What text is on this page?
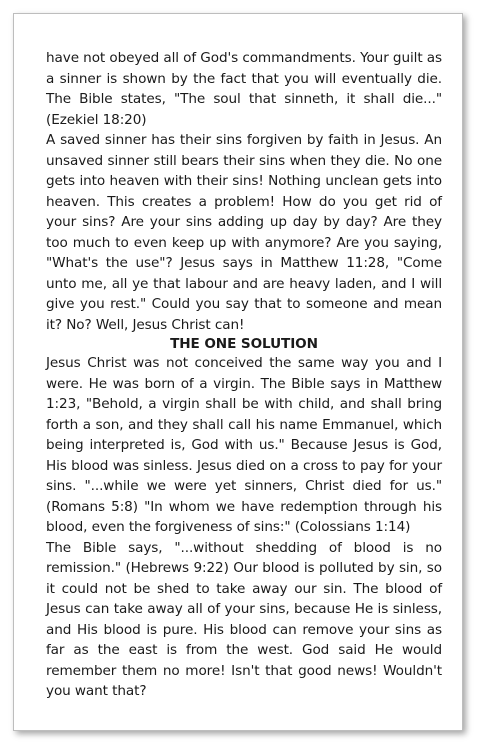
have not obeyed all of God's commandments. Your guilt as a sinner is shown by the fact that you will eventually die. The Bible states, "The soul that sinneth, it shall die..." (Ezekiel 18:20)

A saved sinner has their sins forgiven by faith in Jesus. An unsaved sinner still bears their sins when they die. No one gets into heaven with their sins! Nothing unclean gets into heaven. This creates a problem! How do you get rid of your sins? Are your sins adding up day by day? Are they too much to even keep up with anymore? Are you saying, "What's the use"? Jesus says in Matthew 11:28, "Come unto me, all ye that labour and are heavy laden, and I will give you rest." Could you say that to someone and mean it? No? Well, Jesus Christ can!

THE ONE SOLUTION

Jesus Christ was not conceived the same way you and I were. He was born of a virgin. The Bible says in Matthew 1:23, "Behold, a virgin shall be with child, and shall bring forth a son, and they shall call his name Emmanuel, which being interpreted is, God with us." Because Jesus is God, His blood was sinless. Jesus died on a cross to pay for your sins. "...while we were yet sinners, Christ died for us." (Romans 5:8) "In whom we have redemption through his blood, even the forgiveness of sins:" (Colossians 1:14)

The Bible says, "...without shedding of blood is no remission." (Hebrews 9:22) Our blood is polluted by sin, so it could not be shed to take away our sin. The blood of Jesus can take away all of your sins, because He is sinless, and His blood is pure. His blood can remove your sins as far as the east is from the west. God said He would remember them no more! Isn't that good news! Wouldn't you want that?
